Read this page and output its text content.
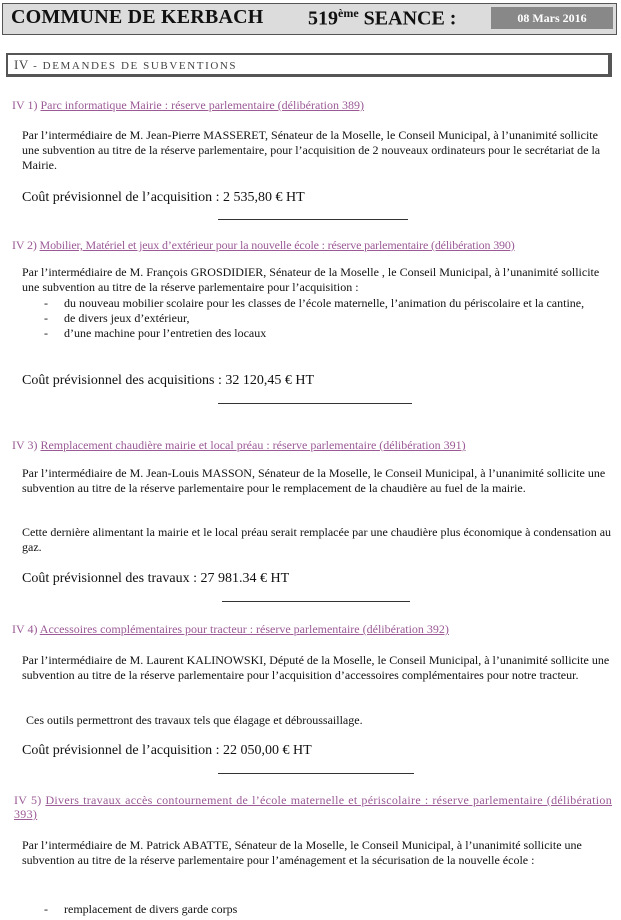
COMMUNE DE KERBACH 519ème SEANCE :	08 Mars 2016
IV - DEMANDES DE SUBVENTIONS
IV 1) Parc informatique Mairie : réserve parlementaire (délibération 389)
Par l’intermédiaire de M. Jean-Pierre MASSERET, Sénateur de la Moselle, le Conseil Municipal, à l’unanimité sollicite une subvention au titre de la réserve parlementaire, pour l’acquisition de 2 nouveaux ordinateurs pour le secrétariat de la Mairie.
Coût prévisionnel de l’acquisition : 2 535,80 € HT
IV 2) Mobilier, Matériel et jeux d’extérieur pour la nouvelle école : réserve parlementaire (délibération 390)
Par l’intermédiaire de M. François GROSDIDIER, Sénateur de la Moselle , le Conseil Municipal, à l’unanimité sollicite une subvention au titre de la réserve parlementaire pour l’acquisition :
- du nouveau mobilier scolaire pour les classes de l’école maternelle, l’animation du périscolaire et la cantine,
- de divers jeux d’extérieur,
- d’une machine pour l’entretien des locaux
Coût prévisionnel des acquisitions : 32 120,45 € HT
IV 3) Remplacement chaudière mairie et local préau : réserve parlementaire (délibération 391)
Par l’intermédiaire de M. Jean-Louis MASSON, Sénateur de la Moselle, le Conseil Municipal, à l’unanimité sollicite une subvention au titre de la réserve parlementaire pour le remplacement de la chaudière au fuel de la mairie.
Cette dernière alimentant la mairie et le local préau serait remplacée par une chaudière plus économique à condensation au gaz.
Coût prévisionnel des travaux : 27 981.34 € HT
IV 4) Accessoires complémentaires pour tracteur : réserve parlementaire (délibération 392)
Par l’intermédiaire de M. Laurent KALINOWSKI, Député de la Moselle, le Conseil Municipal, à l’unanimité sollicite une subvention au titre de la réserve parlementaire pour l’acquisition d’accessoires complémentaires pour notre tracteur.
Ces outils permettront des travaux tels que élagage et débroussaillage.
Coût prévisionnel de l’acquisition : 22 050,00 € HT
IV 5) Divers travaux accès contournement de l’école maternelle et périscolaire : réserve parlementaire (délibération 393)
Par l’intermédiaire de M. Patrick ABATTE, Sénateur de la Moselle, le Conseil Municipal, à l’unanimité sollicite une subvention au titre de la réserve parlementaire pour l’aménagement et la sécurisation de la nouvelle école :
- remplacement de divers garde corps
